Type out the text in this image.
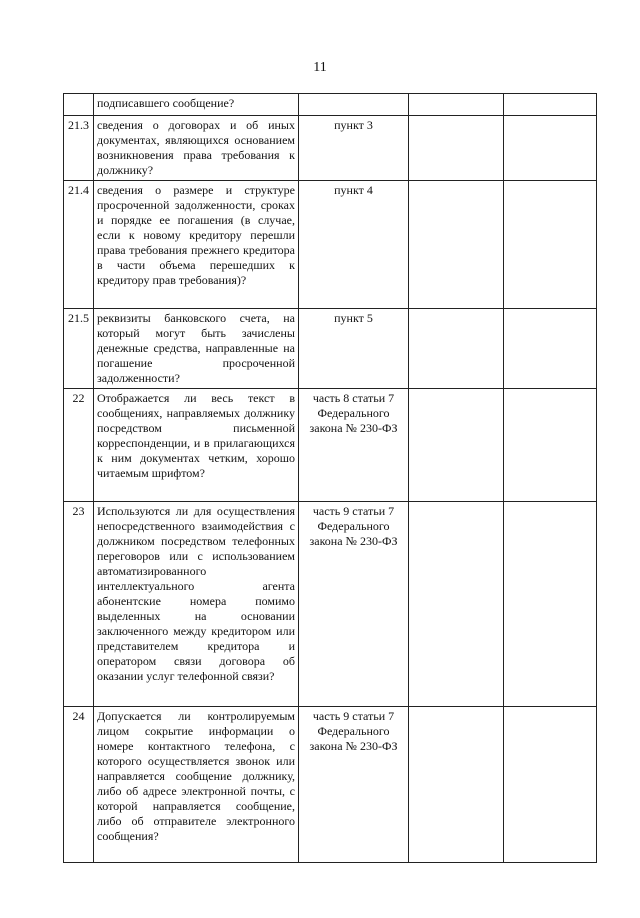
11
	подписавшего сообщение?			
21.3	сведения о договорах и об иных документах, являющихся основанием возникновения права требования к должнику?	пункт 3		
21.4	сведения о размере и структуре просроченной задолженности, сроках и порядке ее погашения (в случае, если к новому кредитору перешли права требования прежнего кредитора в части объема перешедших к кредитору прав требования)?	пункт 4		
21.5	реквизиты банковского счета, на который могут быть зачислены денежные средства, направленные на погашение просроченной задолженности?	пункт 5		
22	Отображается ли весь текст в сообщениях, направляемых должнику посредством письменной корреспонденции, и в прилагающихся к ним документах четким, хорошо читаемым шрифтом?	часть 8 статьи 7 Федерального закона № 230-ФЗ		
23	Используются ли для осуществления непосредственного взаимодействия с должником посредством телефонных переговоров или с использованием автоматизированного интеллектуального агента абонентские номера помимо выделенных на основании заключенного между кредитором или представителем кредитора и оператором связи договора об оказании услуг телефонной связи?	часть 9 статьи 7 Федерального закона № 230-ФЗ		
24	Допускается ли контролируемым лицом сокрытие информации о номере контактного телефона, с которого осуществляется звонок или направляется сообщение должнику, либо об адресе электронной почты, с которой направляется сообщение, либо об отправителе электронного сообщения?	часть 9 статьи 7 Федерального закона № 230-ФЗ		
